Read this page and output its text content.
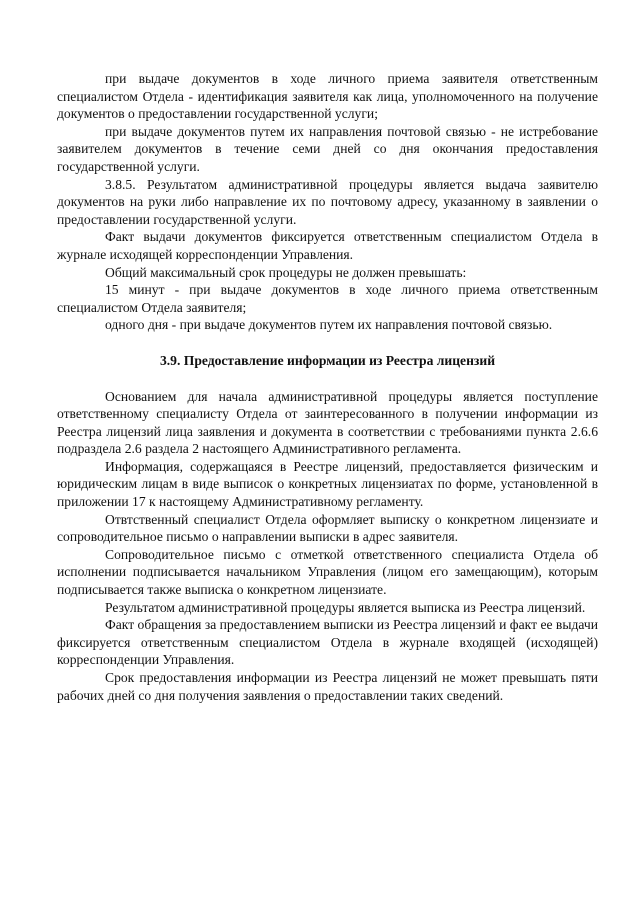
при выдаче документов в ходе личного приема заявителя ответственным специалистом Отдела - идентификация заявителя как лица, уполномоченного на получение документов о предоставлении государственной услуги;

при выдаче документов путем их направления почтовой связью - не истребование заявителем документов в течение семи дней со дня окончания предоставления государственной услуги.

3.8.5. Результатом административной процедуры является выдача заявителю документов на руки либо направление их по почтовому адресу, указанному в заявлении о предоставлении государственной услуги.

Факт выдачи документов фиксируется ответственным специалистом Отдела в журнале исходящей корреспонденции Управления.

Общий максимальный срок процедуры не должен превышать:

15 минут - при выдаче документов в ходе личного приема ответственным специалистом Отдела заявителя;

одного дня - при выдаче документов путем их направления почтовой связью.

3.9. Предоставление информации из Реестра лицензий

Основанием для начала административной процедуры является поступление ответственному специалисту Отдела от заинтересованного в получении информации из Реестра лицензий лица заявления и документа в соответствии с требованиями пункта 2.6.6 подраздела 2.6 раздела 2 настоящего Административного регламента.

Информация, содержащаяся в Реестре лицензий, предоставляется физическим и юридическим лицам в виде выписок о конкретных лицензиатах по форме, установленной в приложении 17 к настоящему Административному регламенту.

Отвтственный специалист Отдела оформляет выписку о конкретном лицензиате и сопроводительное письмо о направлении выписки в адрес заявителя.

Сопроводительное письмо с отметкой ответственного специалиста Отдела об исполнении подписывается начальником Управления (лицом его замещающим), которым подписывается также выписка о конкретном лицензиате.

Результатом административной процедуры является выписка из Реестра лицензий.

Факт обращения за предоставлением выписки из Реестра лицензий и факт ее выдачи фиксируется ответственным специалистом Отдела в журнале входящей (исходящей) корреспонденции Управления.

Срок предоставления информации из Реестра лицензий не может превышать пяти рабочих дней со дня получения заявления о предоставлении таких сведений.
